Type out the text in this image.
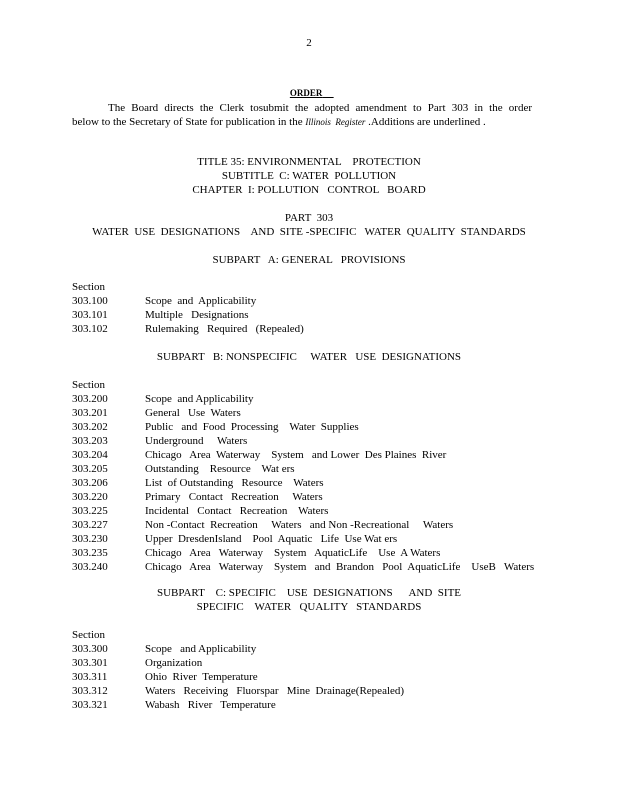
2

ORDER

The Board directs the Clerk tosubmit the adopted amendment to Part 303 in the order
below to the Secretary of State for publication in the Illinois  Register .Additions are underlined .
TITLE 35: ENVIRONMENTAL    PROTECTION
SUBTITLE  C: WATER  POLLUTION
CHAPTER  I: POLLUTION   CONTROL   BOARD
PART  303
WATER  USE  DESIGNATIONS    AND  SITE -SPECIFIC   WATER  QUALITY  STANDARDS
SUBPART   A: GENERAL   PROVISIONS
Section
SUBPART   B: NONSPECIFIC     WATER   USE  DESIGNATIONS
Section
SUBPART    C: SPECIFIC    USE  DESIGNATIONS      AND  SITE
SPECIFIC    WATER   QUALITY   STANDARDS
Section
303.100	Scope  and  Applicability
303.101	Multiple   Designations
303.102	Rulemaking   Required   (Repealed)
303.200	Scope  and Applicability
303.201	General   Use  Waters
303.202	Public   and  Food  Processing    Water  Supplies
303.203	Underground     Waters
303.204	Chicago   Area  Waterway    System   and Lower  Des Plaines  River
303.205	Outstanding    Resource    Wat ers
303.206	List  of Outstanding   Resource    Waters
303.220	Primary   Contact   Recreation     Waters
303.225	Incidental   Contact   Recreation    Waters
303.227	Non -Contact  Recreation     Waters   and Non -Recreational     Waters
303.230	Upper  DresdenIsland    Pool  Aquatic   Life  Use Wat ers
303.235	Chicago   Area   Waterway    System   AquaticLife    Use  A Waters
303.240	Chicago   Area   Waterway    System   and  Brandon   Pool  AquaticLife    UseB   Waters
303.300	Scope   and Applicability
303.301	Organization
303.311	Ohio  River  Temperature
303.312	Waters   Receiving   Fluorspar   Mine  Drainage(Repealed)
303.321	Wabash   River   Temperature
